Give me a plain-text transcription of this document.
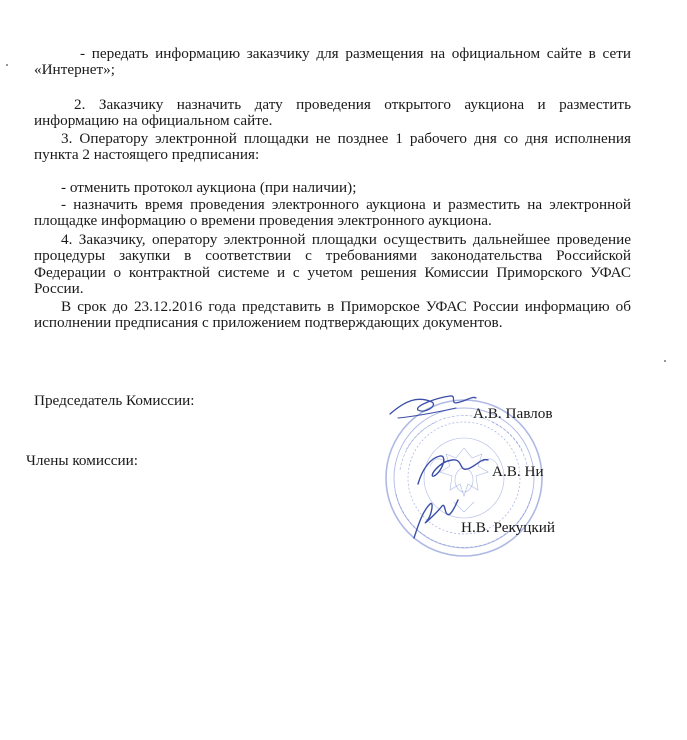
- передать информацию заказчику для размещения на официальном сайте в сети «Интернет»;

2. Заказчику назначить дату проведения открытого аукциона и разместить информацию на официальном сайте.

3. Оператору электронной площадки не позднее 1 рабочего дня со дня исполнения пункта 2 настоящего предписания:

- отменить протокол аукциона (при наличии);

- назначить время проведения электронного аукциона и разместить на электронной площадке информацию о времени проведения электронного аукциона.

4. Заказчику, оператору электронной площадки осуществить дальнейшее проведение процедуры закупки в соответствии с требованиями законодательства Российской Федерации о контрактной системе и с учетом решения Комиссии Приморского УФАС России.

В срок до 23.12.2016 года представить в Приморское УФАС России информацию об исполнении предписания с приложением подтверждающих документов.

Председатель Комиссии:

Члены комиссии:

А.В. Павлов

А.В. Ни

Н.В. Рекуцкий
